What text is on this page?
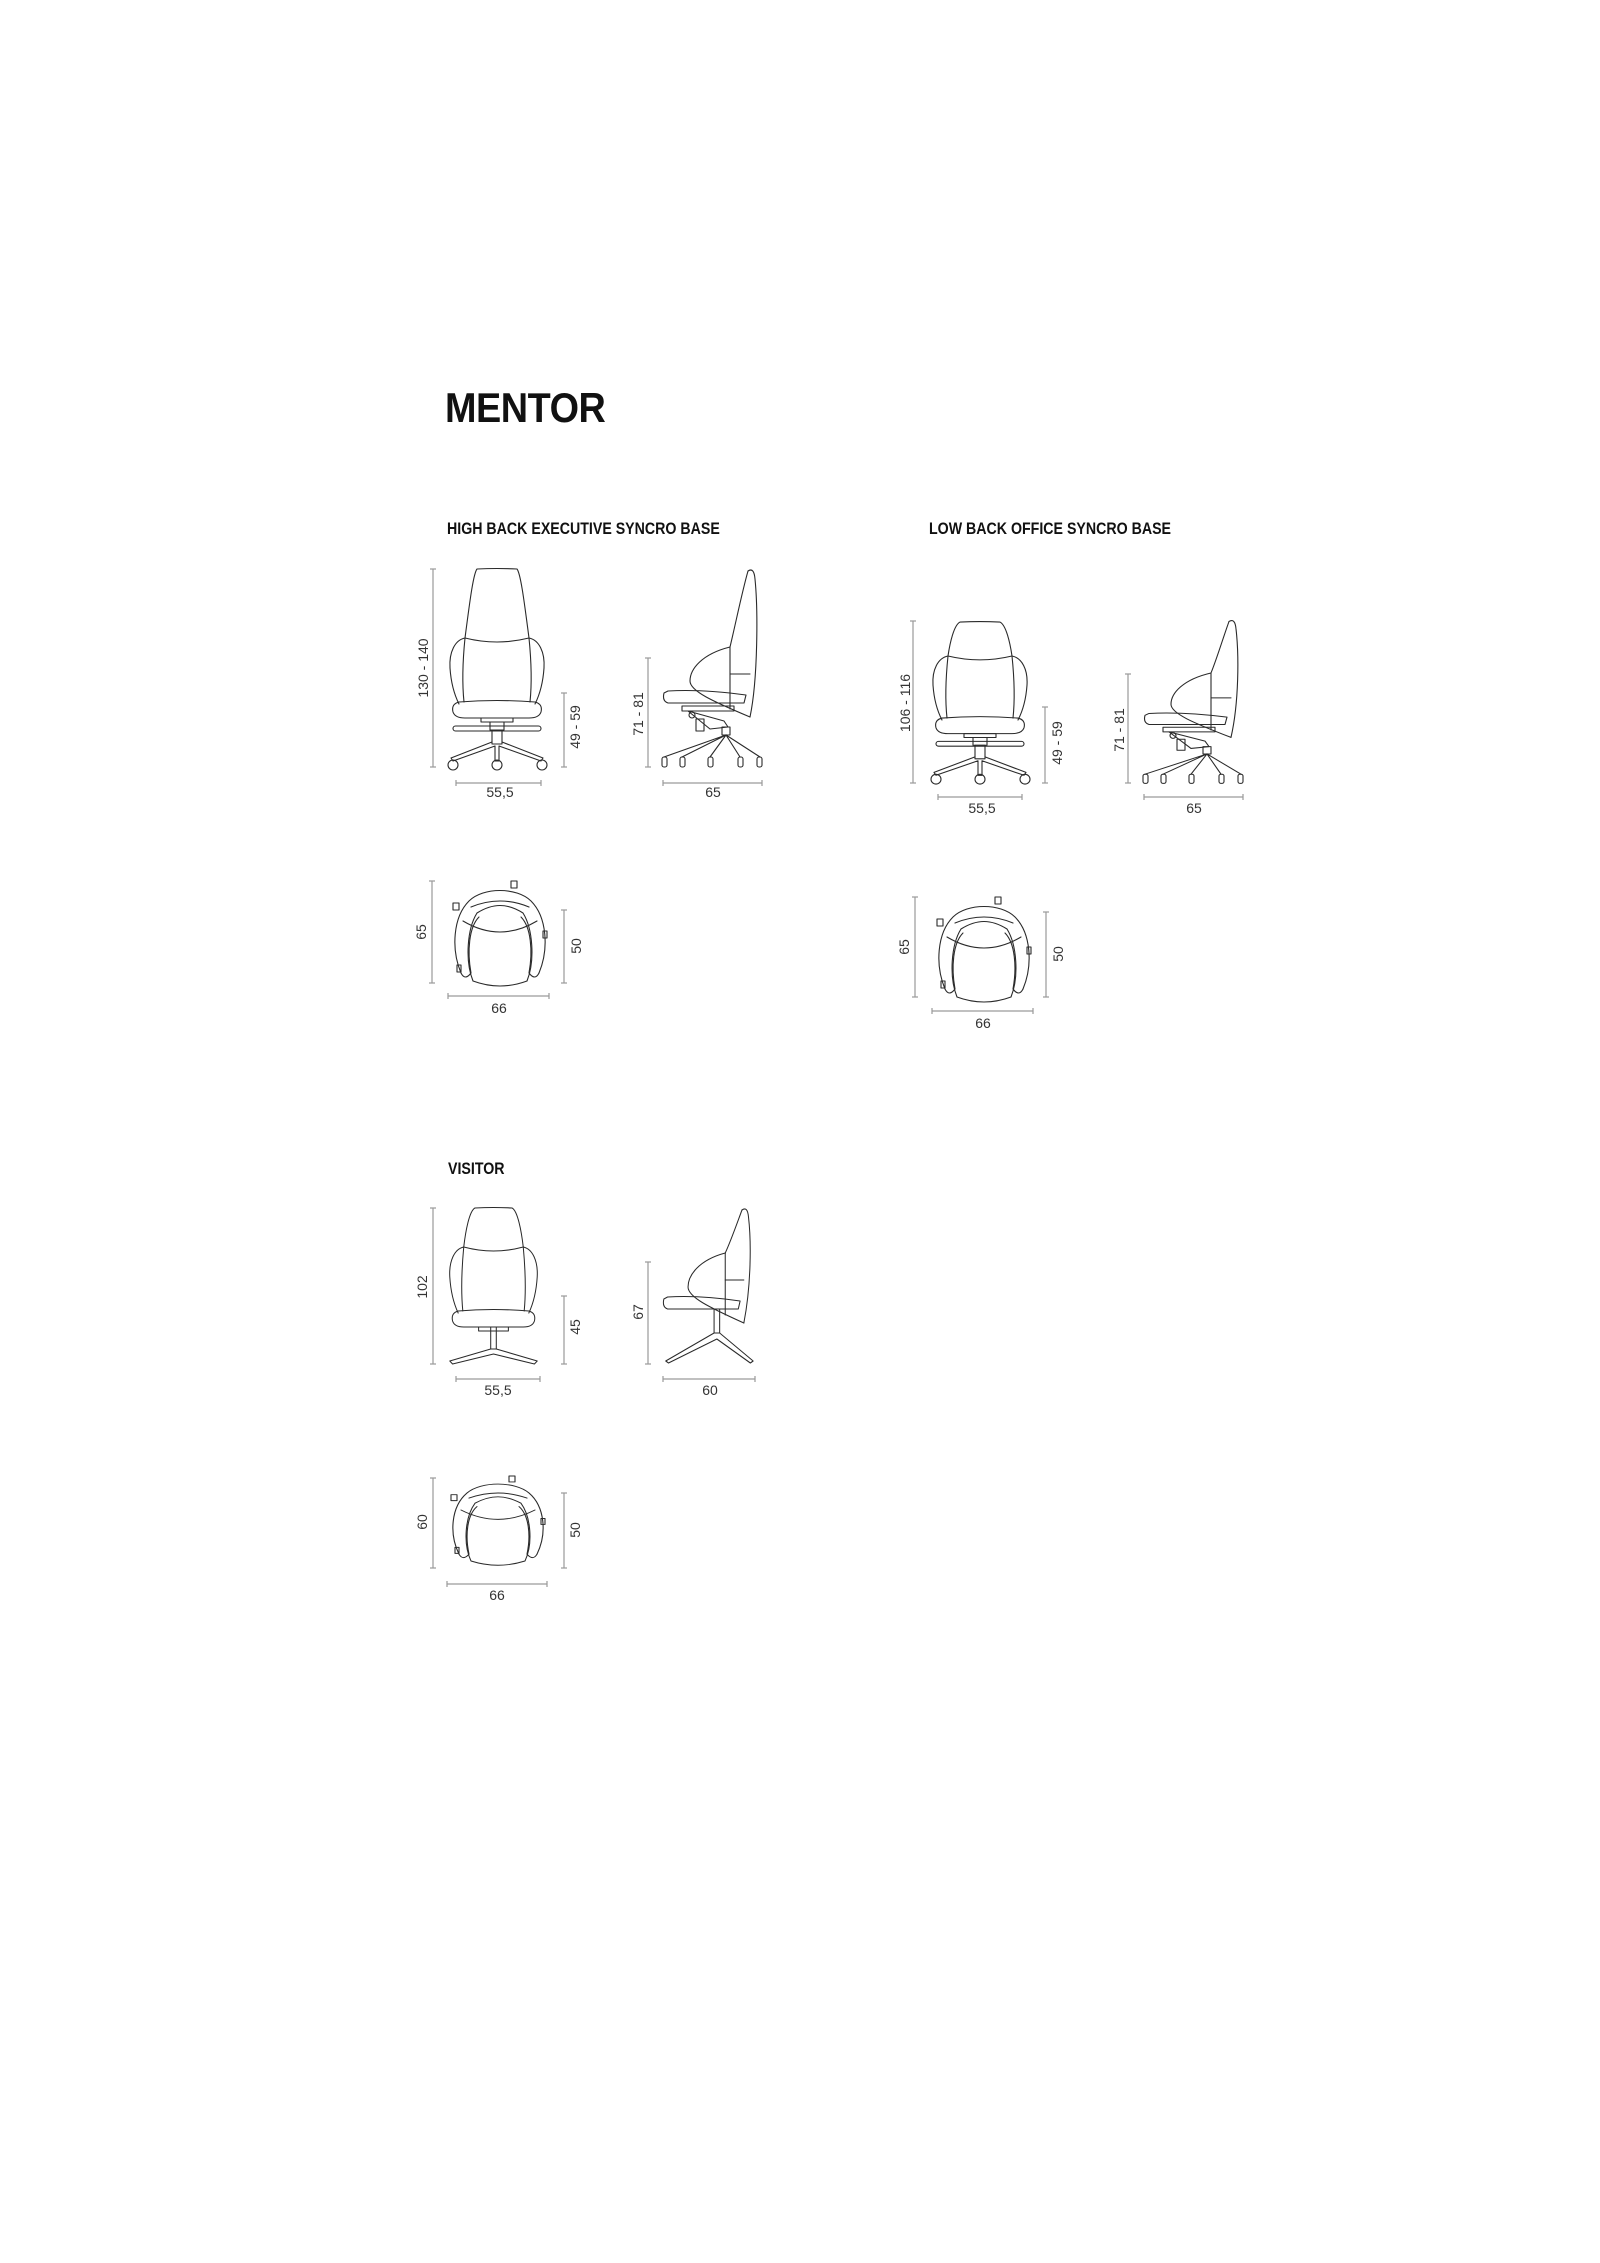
MENTOR
HIGH BACK EXECUTIVE SYNCRO BASE	LOW BACK OFFICE SYNCRO BASE
VISITOR
130 - 140
55,5
49 - 59	71 - 81
65
65
50
66
106 - 116
55,5
49 - 59	71 - 81
65
65	50
66
102
55,5
45
67
60
60
50
66
